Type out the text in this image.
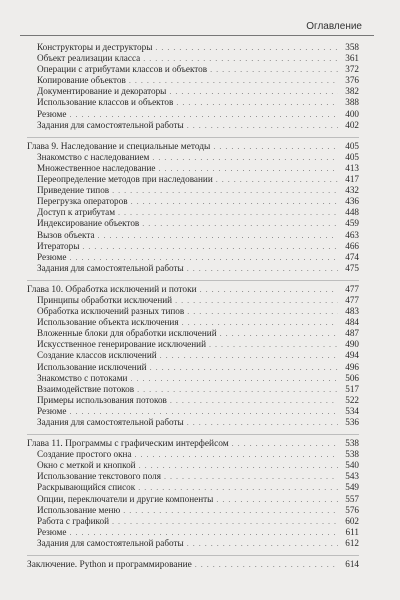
Оглавление
Конструкторы и деструкторы . . .	358
Объект реализации класса . . .	361
Операции с атрибутами классов и объектов . . .	372
Копирование объектов . . .	376
Документирование и декораторы . . .	382
Использование классов и объектов . . .	388
Резюме . . .	400
Задания для самостоятельной работы . . .	402
Глава 9. Наследование и специальные методы . . .	405
Знакомство с наследованием . . .	405
Множественное наследование . . .	413
Переопределение методов при наследовании . . .	417
Приведение типов . . .	432
Перегрузка операторов . . .	436
Доступ к атрибутам . . .	448
Индексирование объектов . . .	459
Вызов объекта . . .	463
Итераторы . . .	466
Резюме . . .	474
Задания для самостоятельной работы . . .	475
Глава 10. Обработка исключений и потоки . . .	477
Принципы обработки исключений . . .	477
Обработка исключений разных типов . . .	483
Использование объекта исключения . . .	484
Вложенные блоки для обработки исключений . . .	487
Искусственное генерирование исключений . . .	490
Создание классов исключений . . .	494
Использование исключений . . .	496
Знакомство с потоками . . .	506
Взаимодействие потоков . . .	517
Примеры использования потоков . . .	522
Резюме . . .	534
Задания для самостоятельной работы . . .	536
Глава 11. Программы с графическим интерфейсом . . .	538
Создание простого окна . . .	538
Окно с меткой и кнопкой . . .	540
Использование текстового поля . . .	543
Раскрывающийся список . . .	549
Опции, переключатели и другие компоненты . . .	557
Использование меню . . .	576
Работа с графикой . . .	602
Резюме . . .	611
Задания для самостоятельной работы . . .	612
Заключение. Python и программирование . . .	614
